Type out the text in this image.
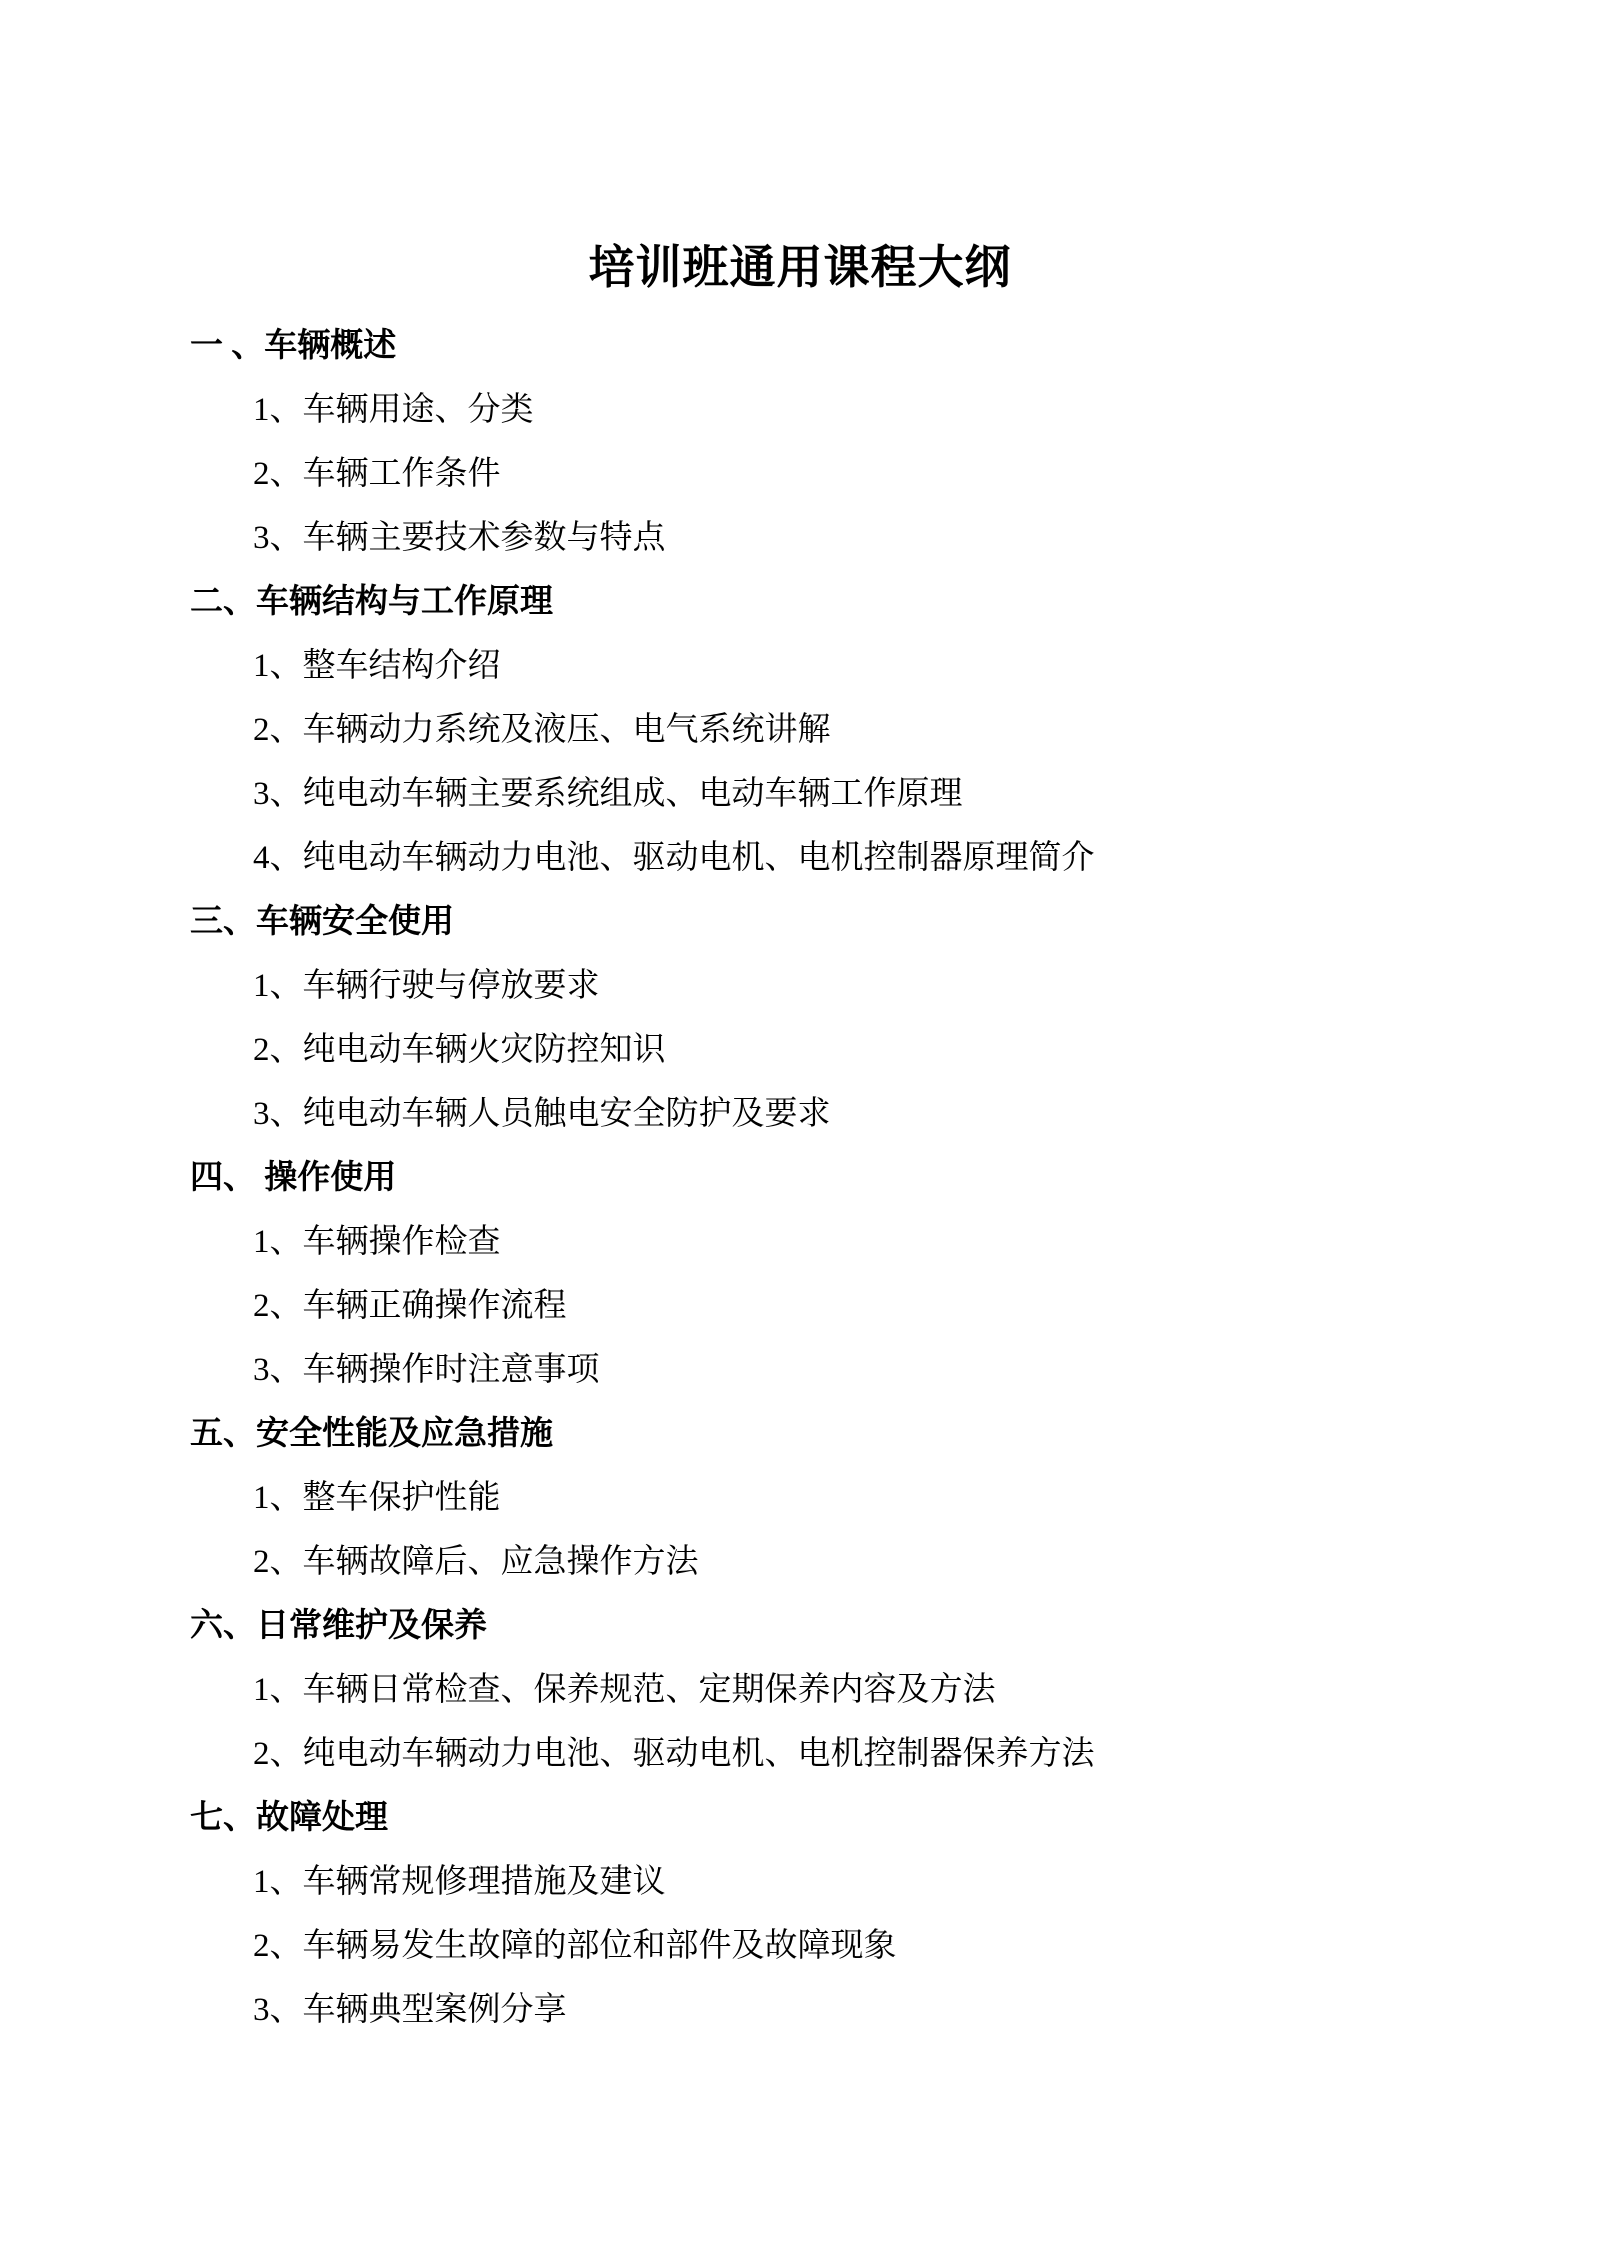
培训班通用课程大纲
一 、车辆概述

1、车辆用途、分类

2、车辆工作条件

3、车辆主要技术参数与特点

二、车辆结构与工作原理

1、整车结构介绍

2、车辆动力系统及液压、电气系统讲解

3、纯电动车辆主要系统组成、电动车辆工作原理

4、纯电动车辆动力电池、驱动电机、电机控制器原理简介

三、车辆安全使用

1、车辆行驶与停放要求

2、纯电动车辆火灾防控知识

3、纯电动车辆人员触电安全防护及要求

四、 操作使用

1、车辆操作检查

2、车辆正确操作流程

3、车辆操作时注意事项

五、安全性能及应急措施

1、整车保护性能

2、车辆故障后、应急操作方法

六、日常维护及保养

1、车辆日常检查、保养规范、定期保养内容及方法

2、纯电动车辆动力电池、驱动电机、电机控制器保养方法

七、故障处理

1、车辆常规修理措施及建议

2、车辆易发生故障的部位和部件及故障现象

3、车辆典型案例分享
